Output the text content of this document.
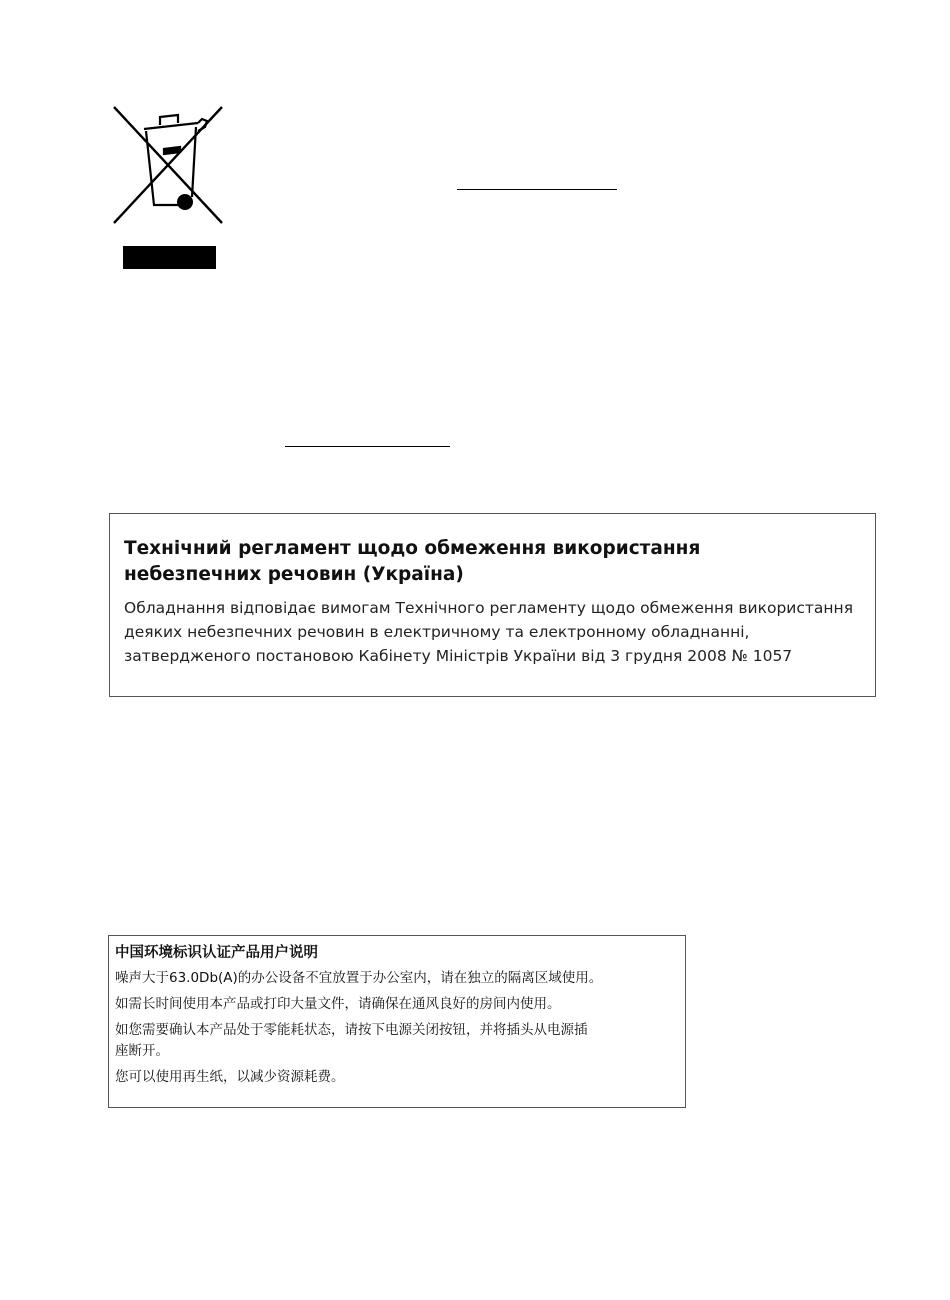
Технічний регламент щодо обмеження використання
небезпечних речовин (Україна)

Обладнання відповідає вимогам Технічного регламенту щодо обмеження використання
деяких небезпечних речовин в електричному та електронному обладнанні,
затвердженого постановою Кабінету Міністрів України від 3 грудня 2008 № 1057

中国环境标识认证产品用户说明
噪声大于63.0Db(A)的办公设备不宜放置于办公室内，请在独立的隔离区域使用。
如需长时间使用本产品或打印大量文件，请确保在通风良好的房间内使用。
如您需要确认本产品处于零能耗状态，请按下电源关闭按钮，并将插头从电源插
座断开。
您可以使用再生纸，以减少资源耗费。
